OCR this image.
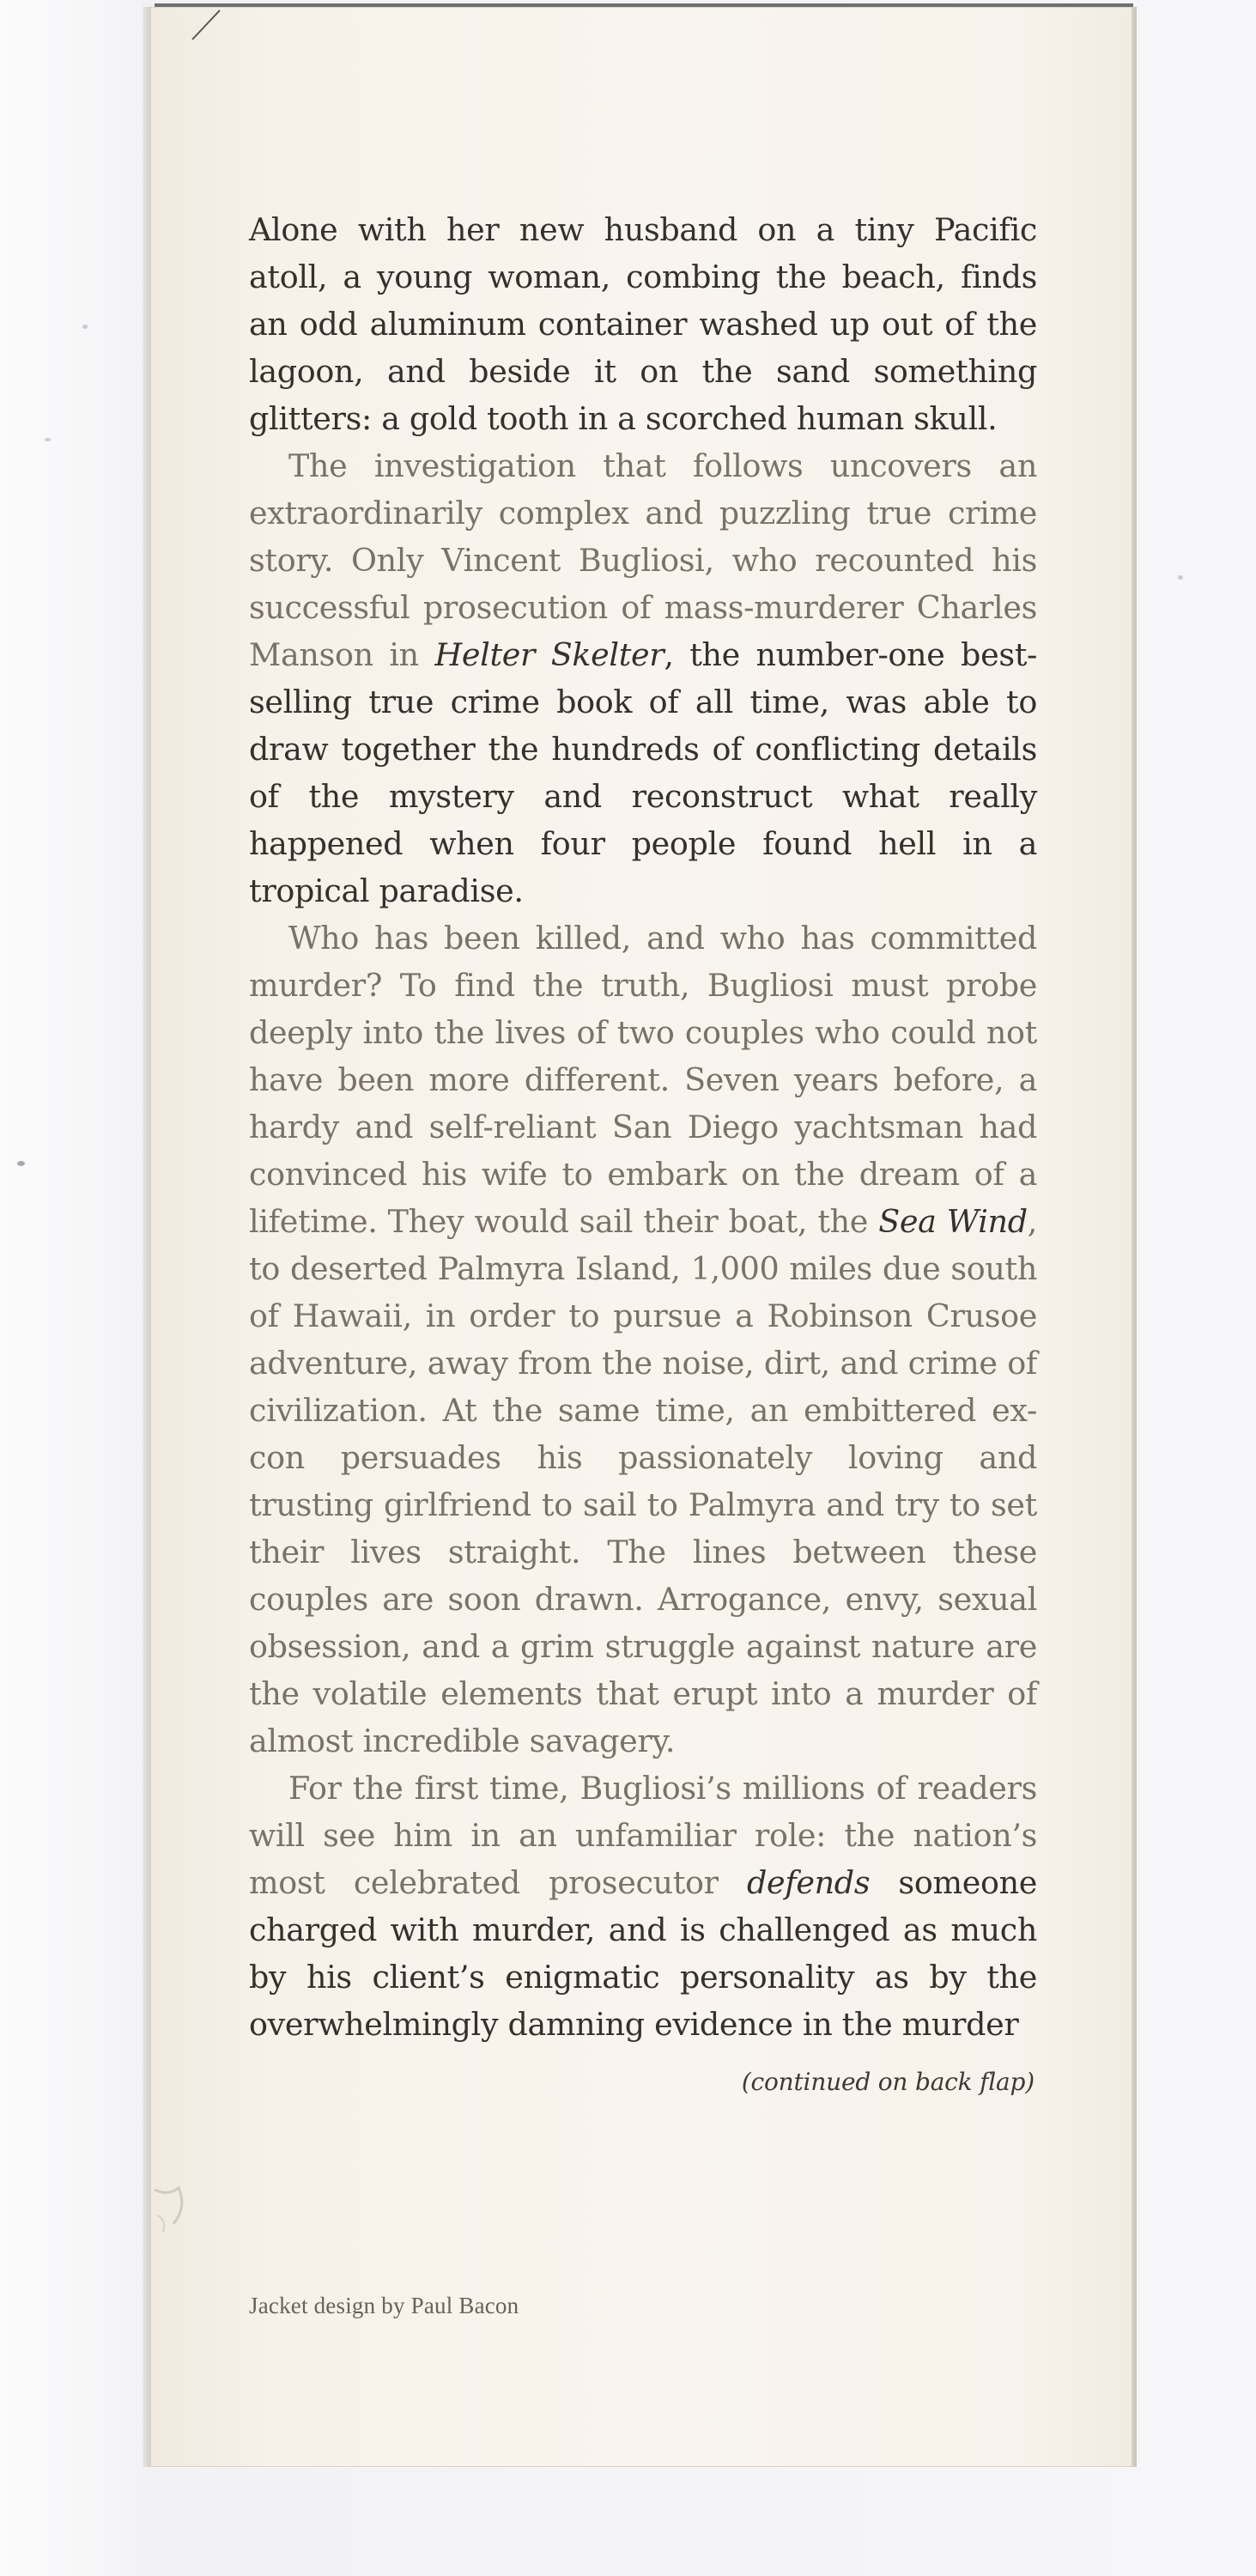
Alone with her new husband on a tiny Pacific atoll, a young woman, combing the beach, finds an odd aluminum container washed up out of the lagoon, and beside it on the sand something glitters: a gold tooth in a scorched human skull.

The investigation that follows uncovers an extraordinarily complex and puzzling true crime story. Only Vincent Bugliosi, who recounted his successful prosecution of mass-murderer Charles Manson in Helter Skelter, the number-one best-selling true crime book of all time, was able to draw together the hundreds of conflicting details of the mystery and reconstruct what really happened when four people found hell in a tropical paradise.

Who has been killed, and who has committed murder? To find the truth, Bugliosi must probe deeply into the lives of two couples who could not have been more different. Seven years before, a hardy and self-reliant San Diego yachtsman had convinced his wife to embark on the dream of a lifetime. They would sail their boat, the Sea Wind, to deserted Palmyra Island, 1,000 miles due south of Hawaii, in order to pursue a Robinson Crusoe adventure, away from the noise, dirt, and crime of civilization. At the same time, an embittered ex-con persuades his passionately loving and trusting girlfriend to sail to Palmyra and try to set their lives straight. The lines between these couples are soon drawn. Arrogance, envy, sexual obsession, and a grim struggle against nature are the volatile elements that erupt into a murder of almost incredible savagery.

For the first time, Bugliosi’s millions of readers will see him in an unfamiliar role: the nation’s most celebrated prosecutor defends someone charged with murder, and is challenged as much by his client’s enigmatic personality as by the overwhelmingly damning evidence in the murder

(continued on back flap)

Jacket design by Paul Bacon
